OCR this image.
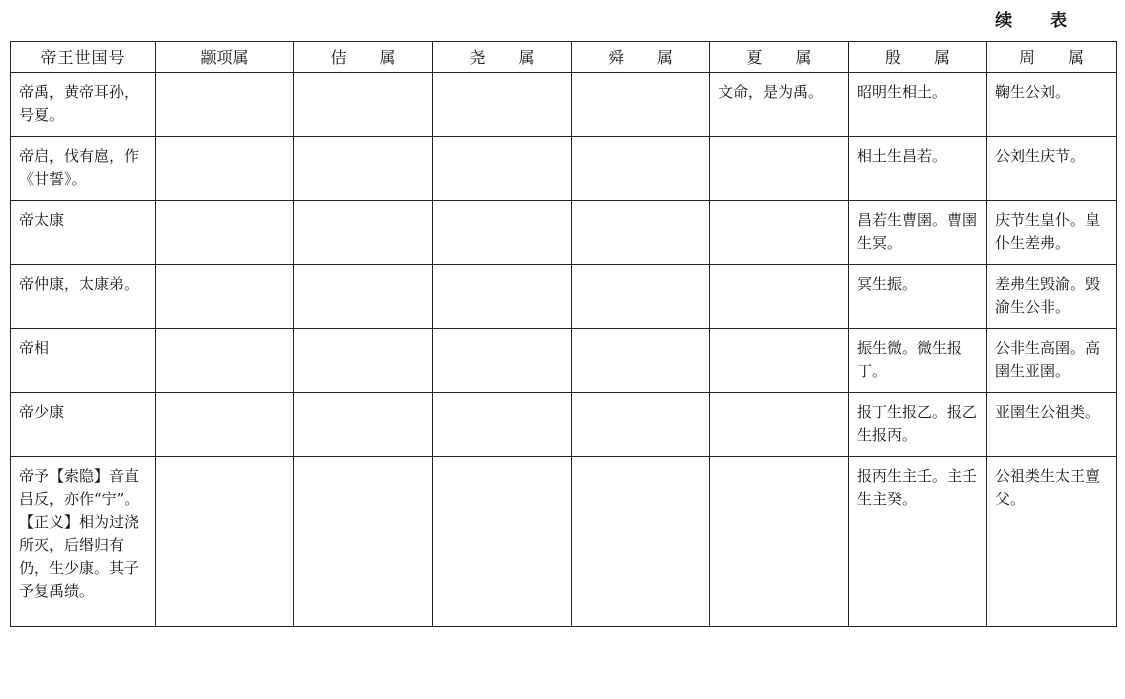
续 表
帝王世国号	颛项属	佶 属	尧 属	舜 属	夏 属	殷 属	周 属
帝禹，黄帝耳孙，号夏。					文命，是为禹。	昭明生相土。	鞠生公刘。
帝启，伐有扈，作《甘誓》。						相土生昌若。	公刘生庆节。
帝太康						昌若生曹圉。曹圉生冥。	庆节生皇仆。皇仆生差弗。
帝仲康，太康弟。						冥生振。	差弗生毁渝。毁渝生公非。
帝相						振生微。微生报丁。	公非生高圉。高圉生亚圉。
帝少康						报丁生报乙。报乙生报丙。	亚圉生公祖类。
帝予【索隐】音直吕反，亦作“宁”。【正义】相为过浇所灭，后缗归有仍，生少康。其子予复禹绩。						报丙生主壬。主壬生主癸。	公祖类生太王亶父。
